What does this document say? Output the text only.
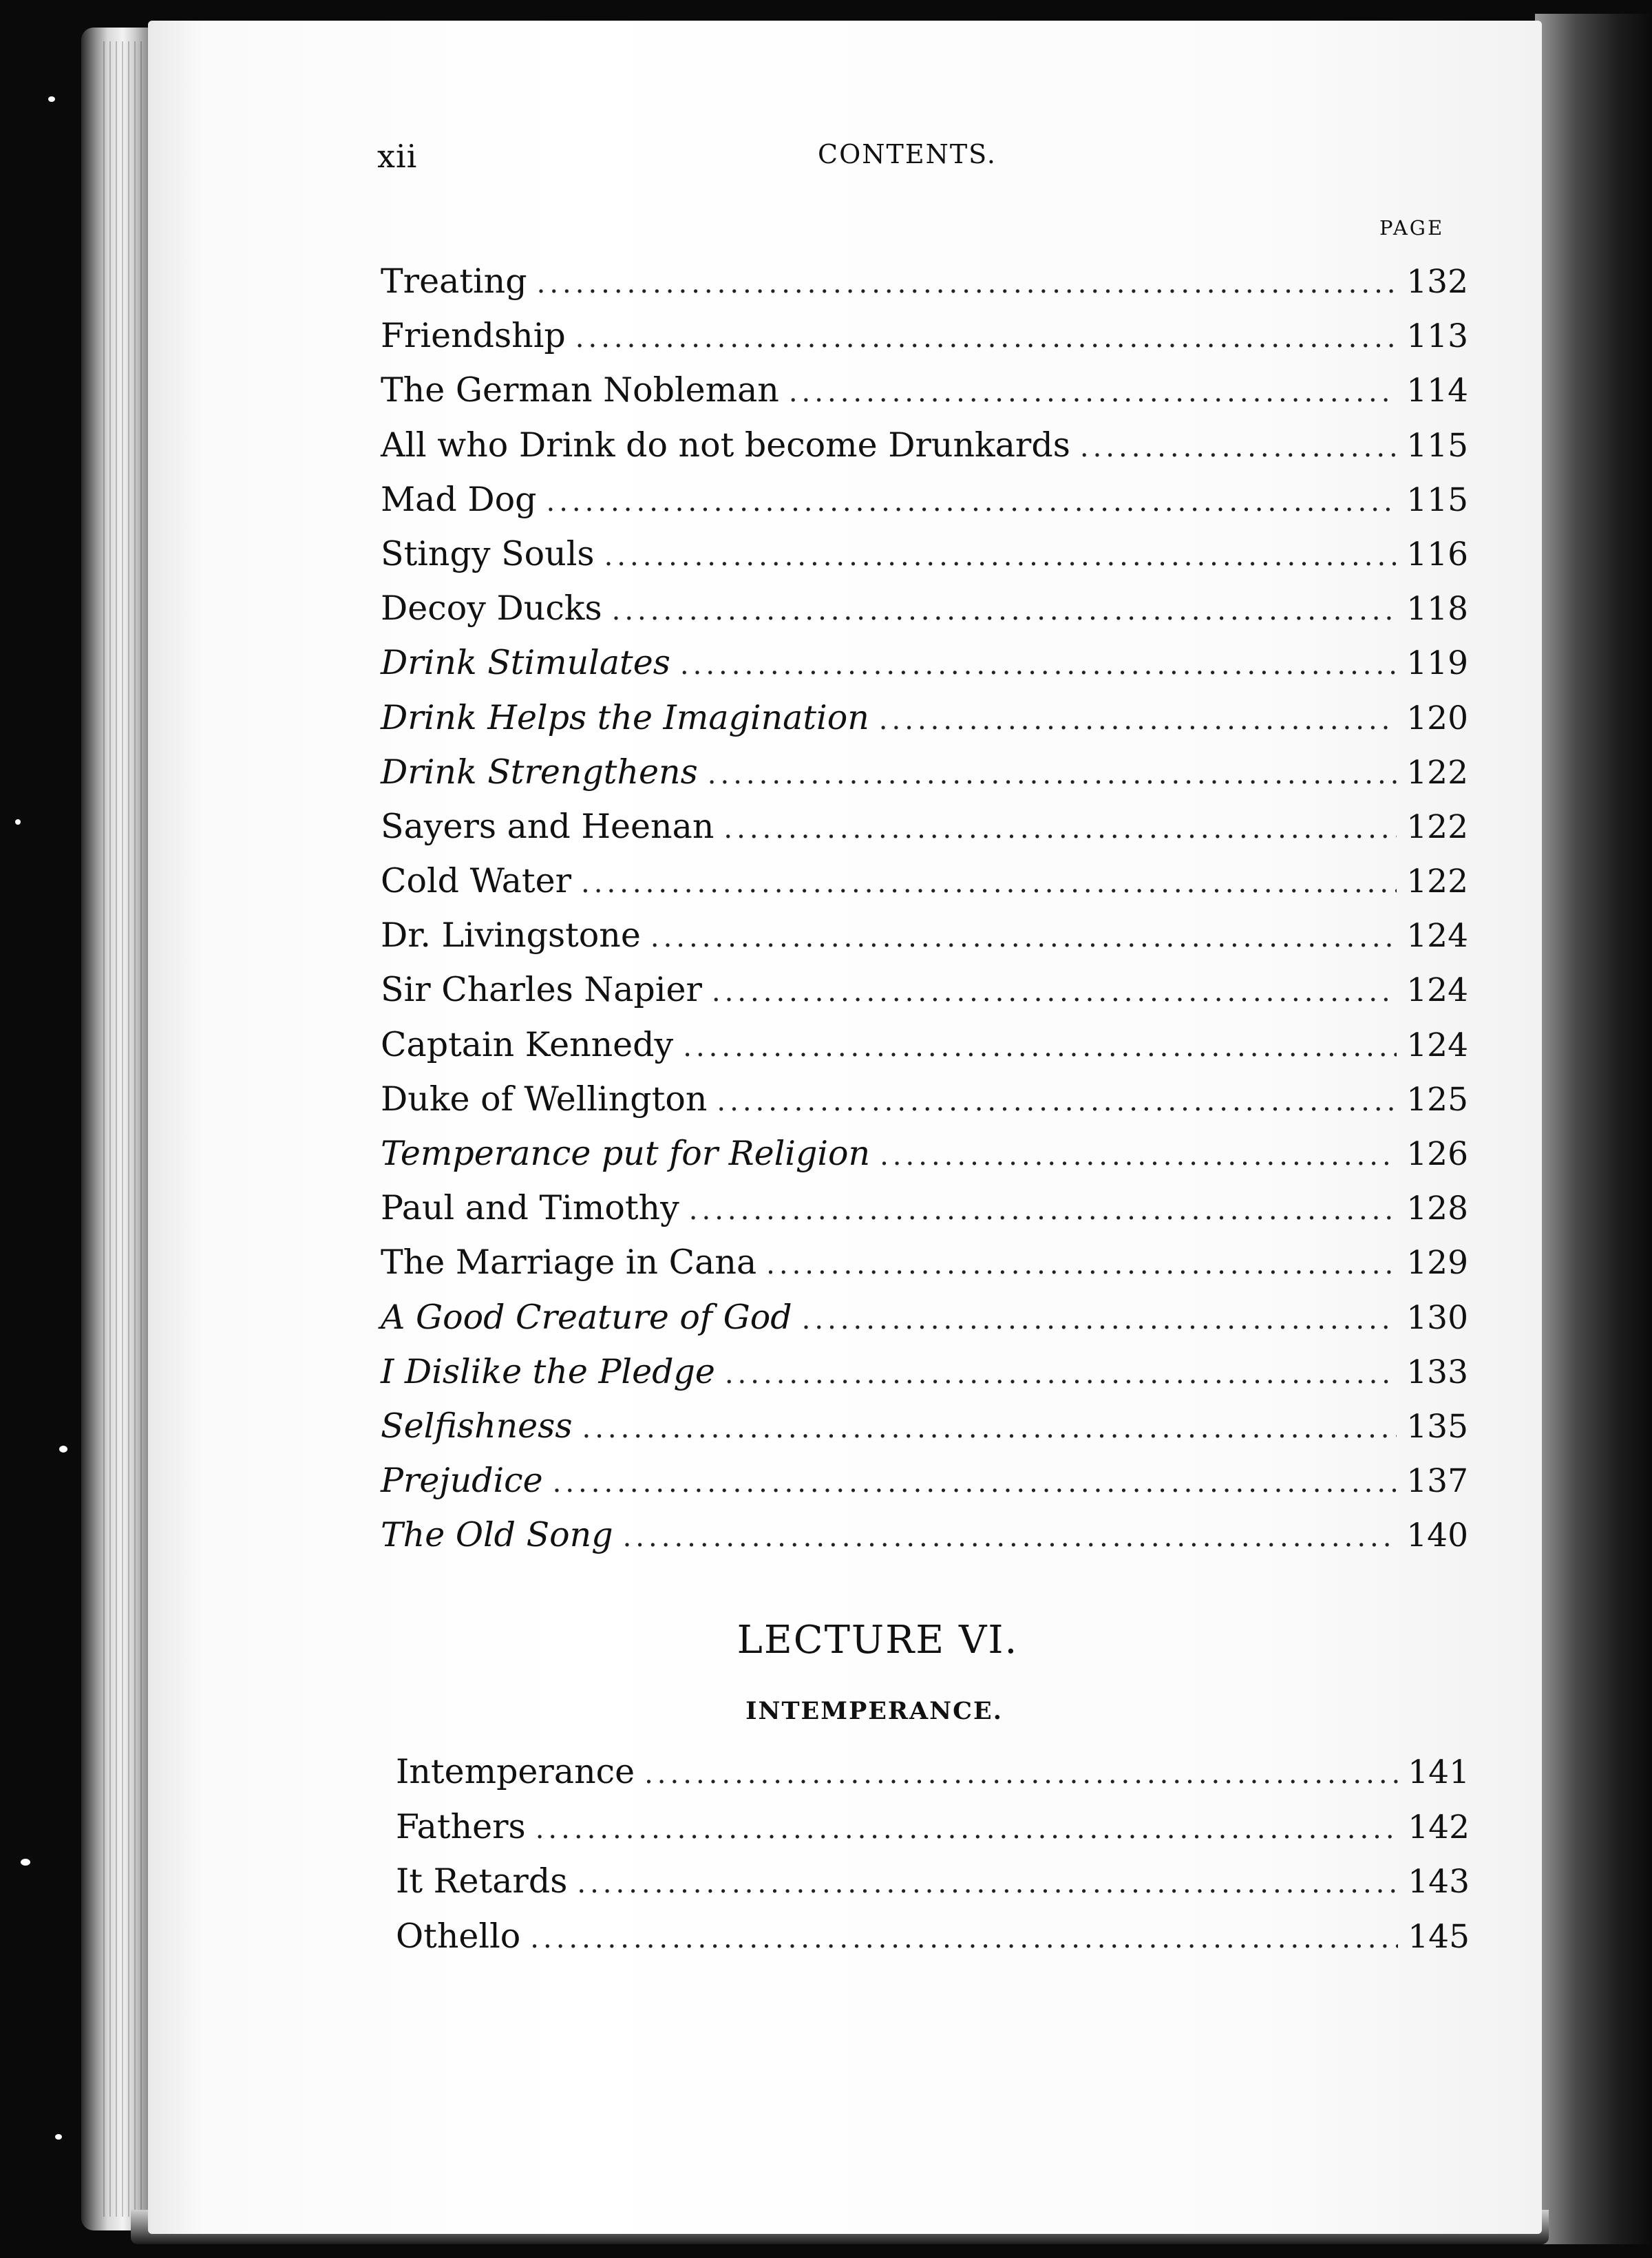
xii	CONTENTS.
PAGE
Treating .....	132
Friendship .....	113
The German Nobleman .....	114
All who Drink do not become Drunkards .....	115
Mad Dog .....	115
Stingy Souls .....	116
Decoy Ducks .....	118
Drink Stimulates .....	119
Drink Helps the Imagination .....	120
Drink Strengthens .....	122
Sayers and Heenan .....	122
Cold Water .....	122
Dr. Livingstone .....	124
Sir Charles Napier .....	124
Captain Kennedy .....	124
Duke of Wellington .....	125
Temperance put for Religion .....	126
Paul and Timothy .....	128
The Marriage in Cana .....	129
A Good Creature of God .....	130
I Dislike the Pledge .....	133
Selfishness .....	135
Prejudice .....	137
The Old Song .....	140
LECTURE VI.
INTEMPERANCE.
Intemperance .....	141
Fathers .....	142
It Retards .....	143
Othello .....	145
